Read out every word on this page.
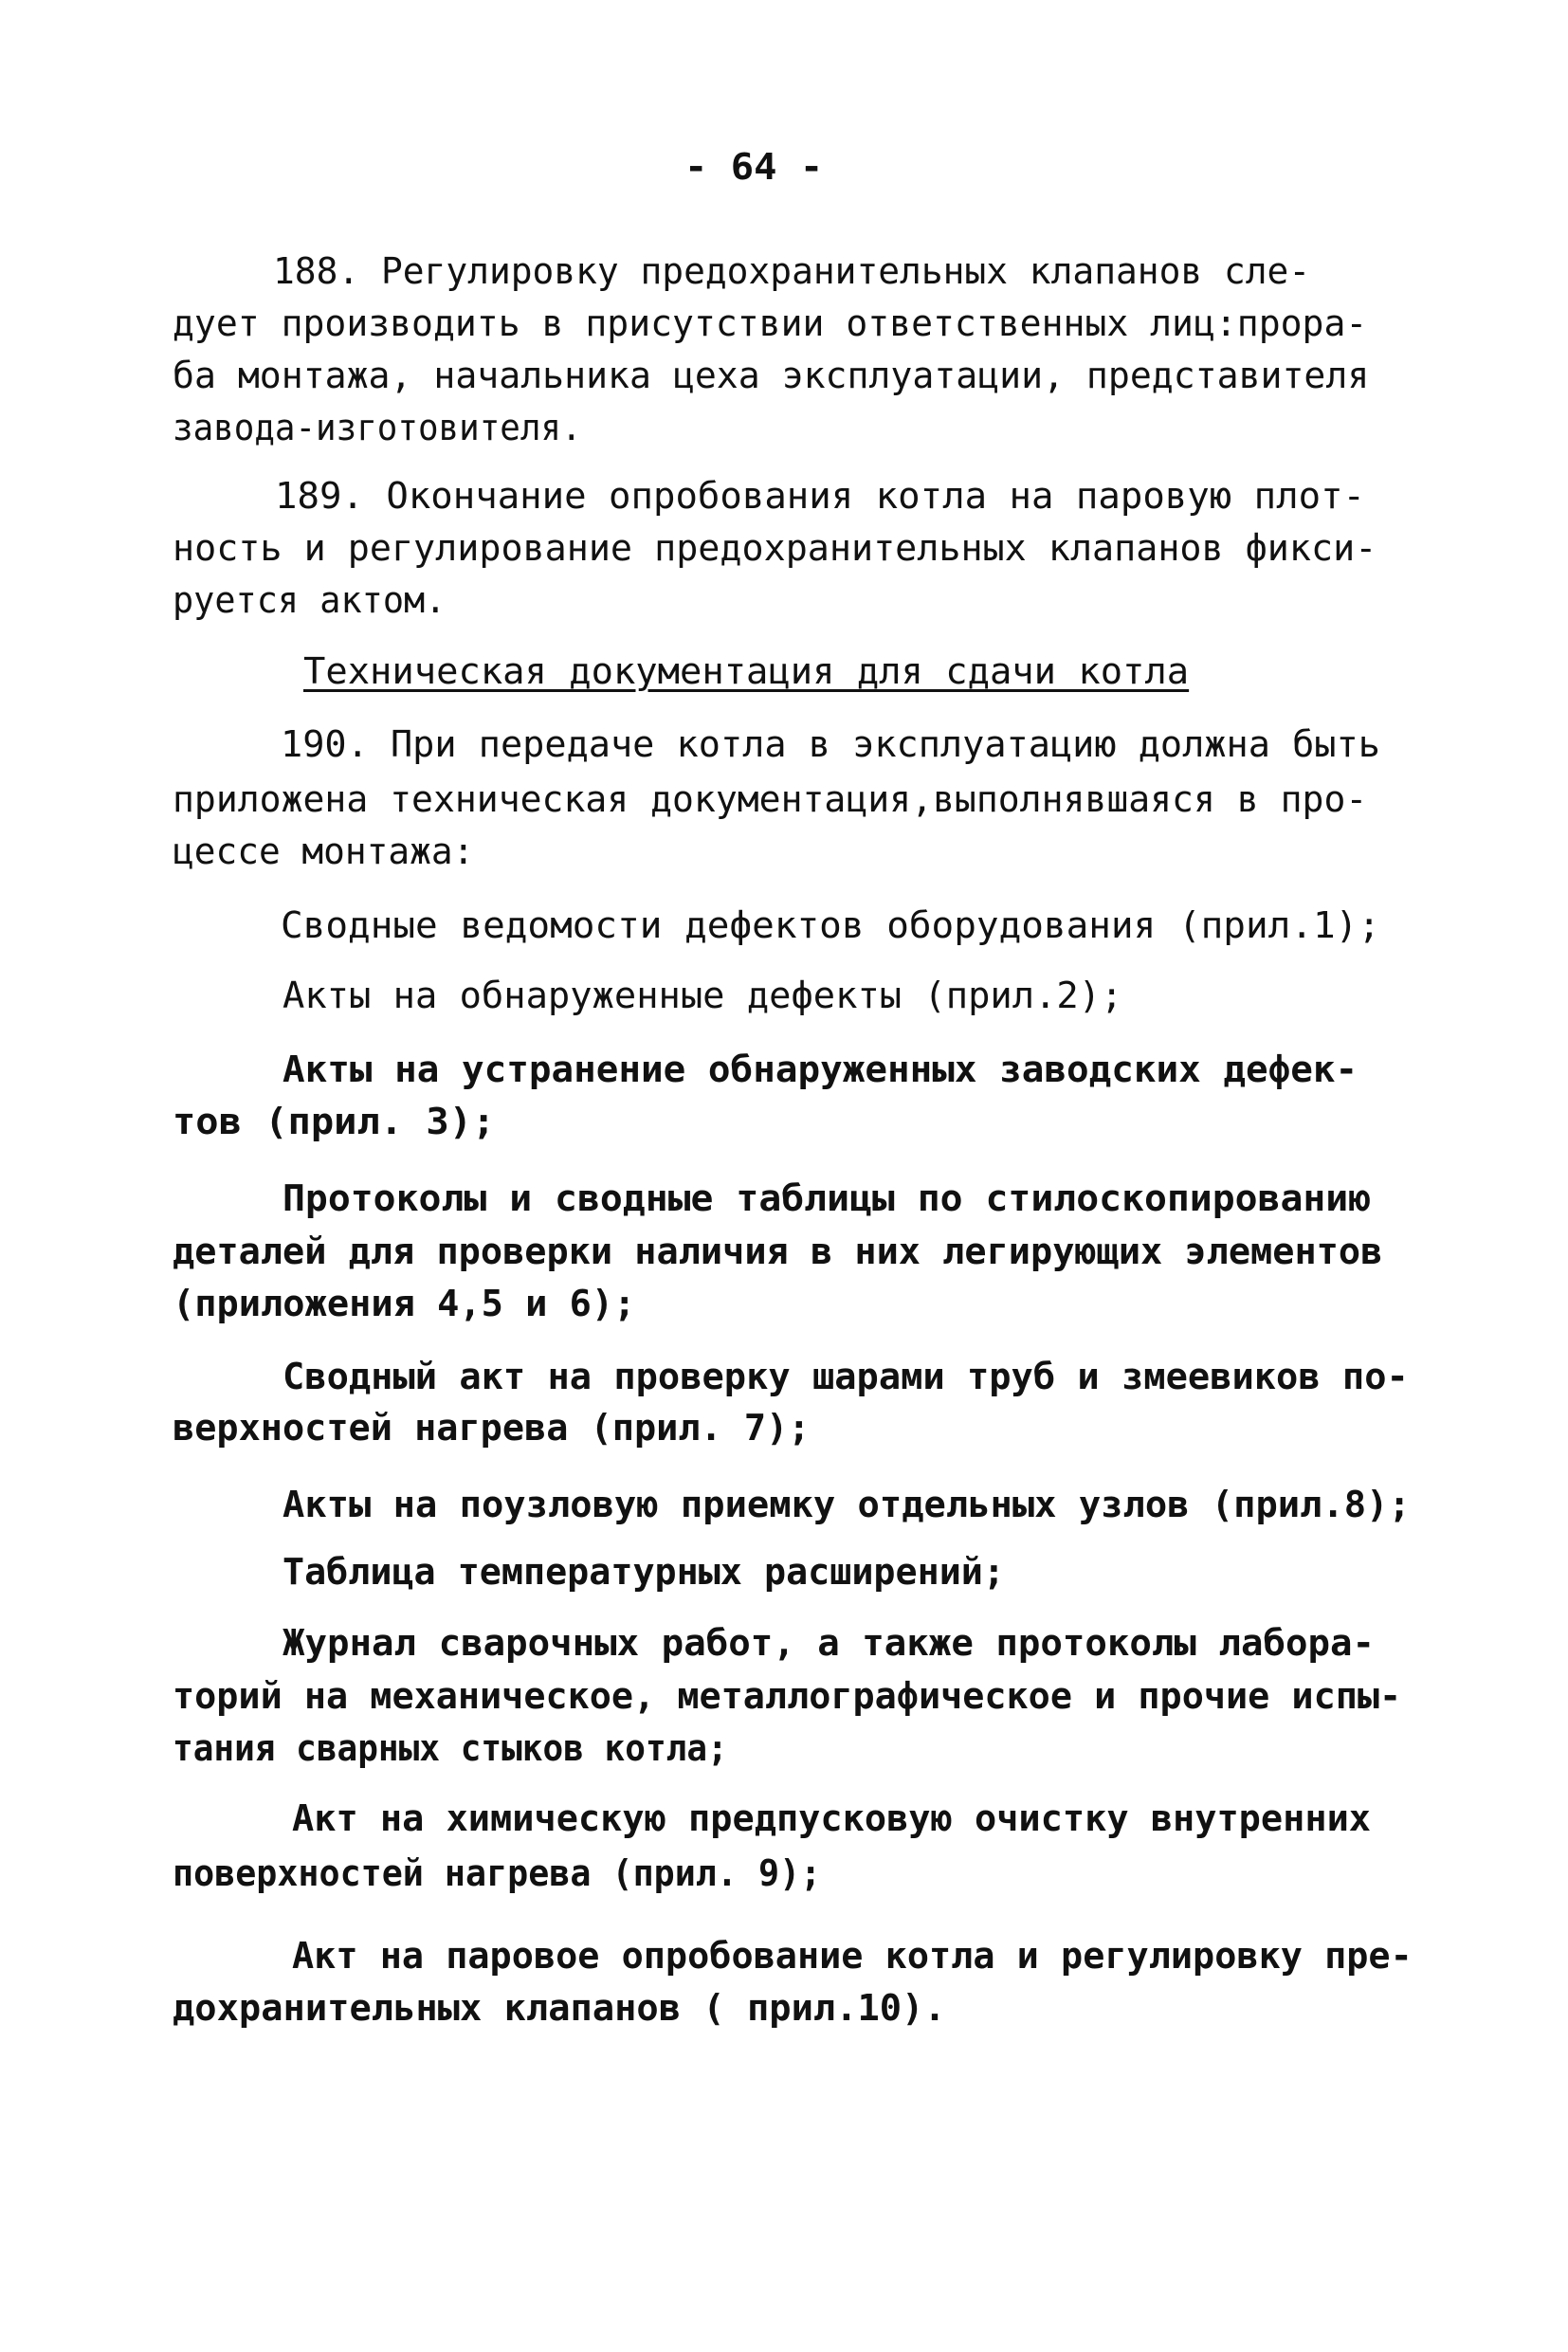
- 64 -
188. Регулировку предохранительных клапанов сле-
дует производить в присутствии ответственных лиц:прора-
ба монтажа, начальника цеха эксплуатации, представителя
завода-изготовителя.
189. Окончание опробования котла на паровую плот-
ность и регулирование предохранительных клапанов фикси-
руется актом.
Техническая документация для сдачи котла
190. При передаче котла в эксплуатацию должна быть
приложена техническая документация,выполнявшаяся в про-
цессе монтажа:
Сводные ведомости дефектов оборудования (прил.1);
Акты на обнаруженные дефекты (прил.2);
Акты на устранение обнаруженных заводских дефек-
тов (прил. 3);
Протоколы и сводные таблицы по стилоскопированию
деталей для проверки наличия в них легирующих элементов
(приложения 4,5 и 6);
Сводный акт на проверку шарами труб и змеевиков по-
верхностей нагрева (прил. 7);
Акты на поузловую приемку отдельных узлов (прил.8);
Таблица температурных расширений;
Журнал сварочных работ, а также протоколы лабора-
торий на механическое, металлографическое и прочие испы-
тания сварных стыков котла;
Акт на химическую предпусковую очистку внутренних
поверхностей нагрева (прил. 9);
Акт на паровое опробование котла и регулировку пре-
дохранительных клапанов ( прил.10).
